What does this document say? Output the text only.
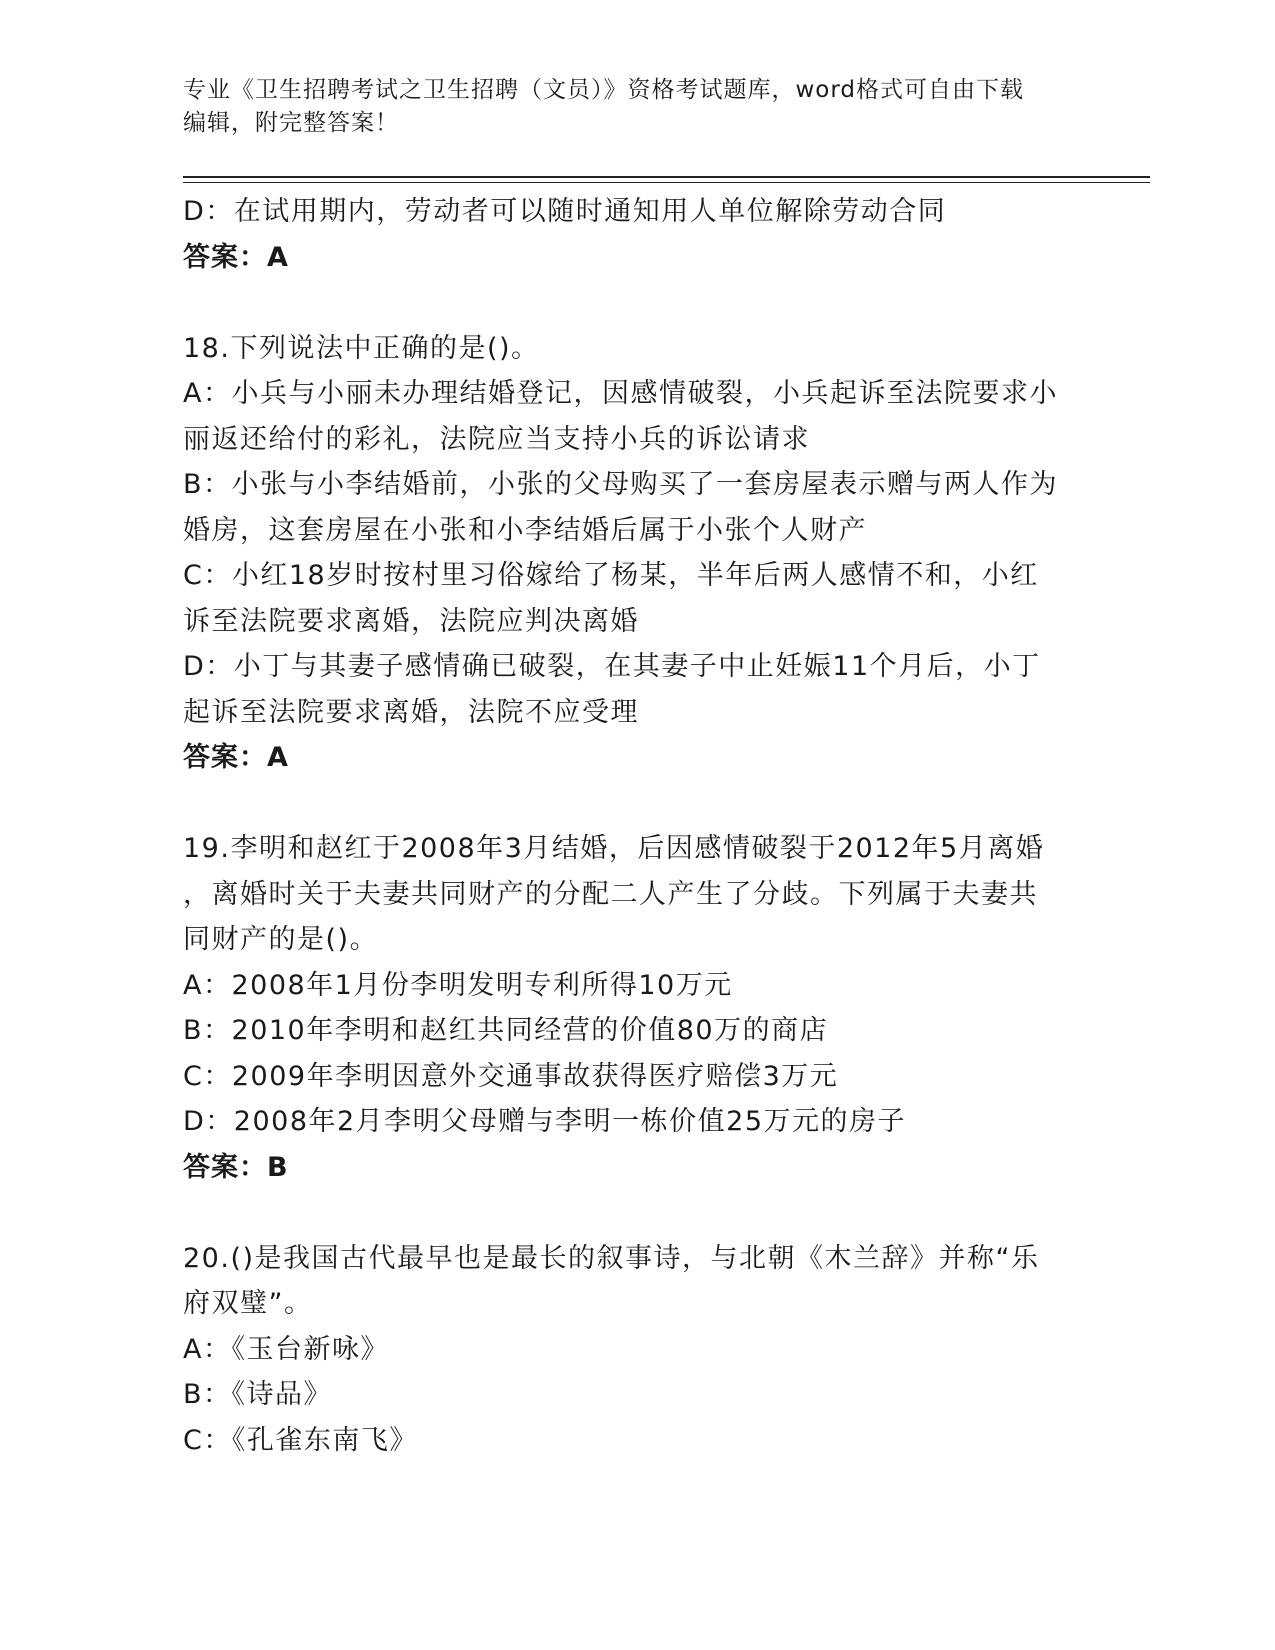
专业《卫生招聘考试之卫生招聘（文员）》资格考试题库，word格式可自由下载
编辑，附完整答案！
D：在试用期内，劳动者可以随时通知用人单位解除劳动合同
答案：A
18.下列说法中正确的是()。
A：小兵与小丽未办理结婚登记，因感情破裂，小兵起诉至法院要求小
丽返还给付的彩礼，法院应当支持小兵的诉讼请求
B：小张与小李结婚前，小张的父母购买了一套房屋表示赠与两人作为
婚房，这套房屋在小张和小李结婚后属于小张个人财产
C：小红18岁时按村里习俗嫁给了杨某，半年后两人感情不和，小红
诉至法院要求离婚，法院应判决离婚
D：小丁与其妻子感情确已破裂，在其妻子中止妊娠11个月后，小丁
起诉至法院要求离婚，法院不应受理
答案：A
19.李明和赵红于2008年3月结婚，后因感情破裂于2012年5月离婚
，离婚时关于夫妻共同财产的分配二人产生了分歧。下列属于夫妻共
同财产的是()。
A：2008年1月份李明发明专利所得10万元
B：2010年李明和赵红共同经营的价值80万的商店
C：2009年李明因意外交通事故获得医疗赔偿3万元
D：2008年2月李明父母赠与李明一栋价值25万元的房子
答案：B
20.()是我国古代最早也是最长的叙事诗，与北朝《木兰辞》并称“乐
府双璧”。
A：《玉台新咏》
B：《诗品》
C：《孔雀东南飞》
